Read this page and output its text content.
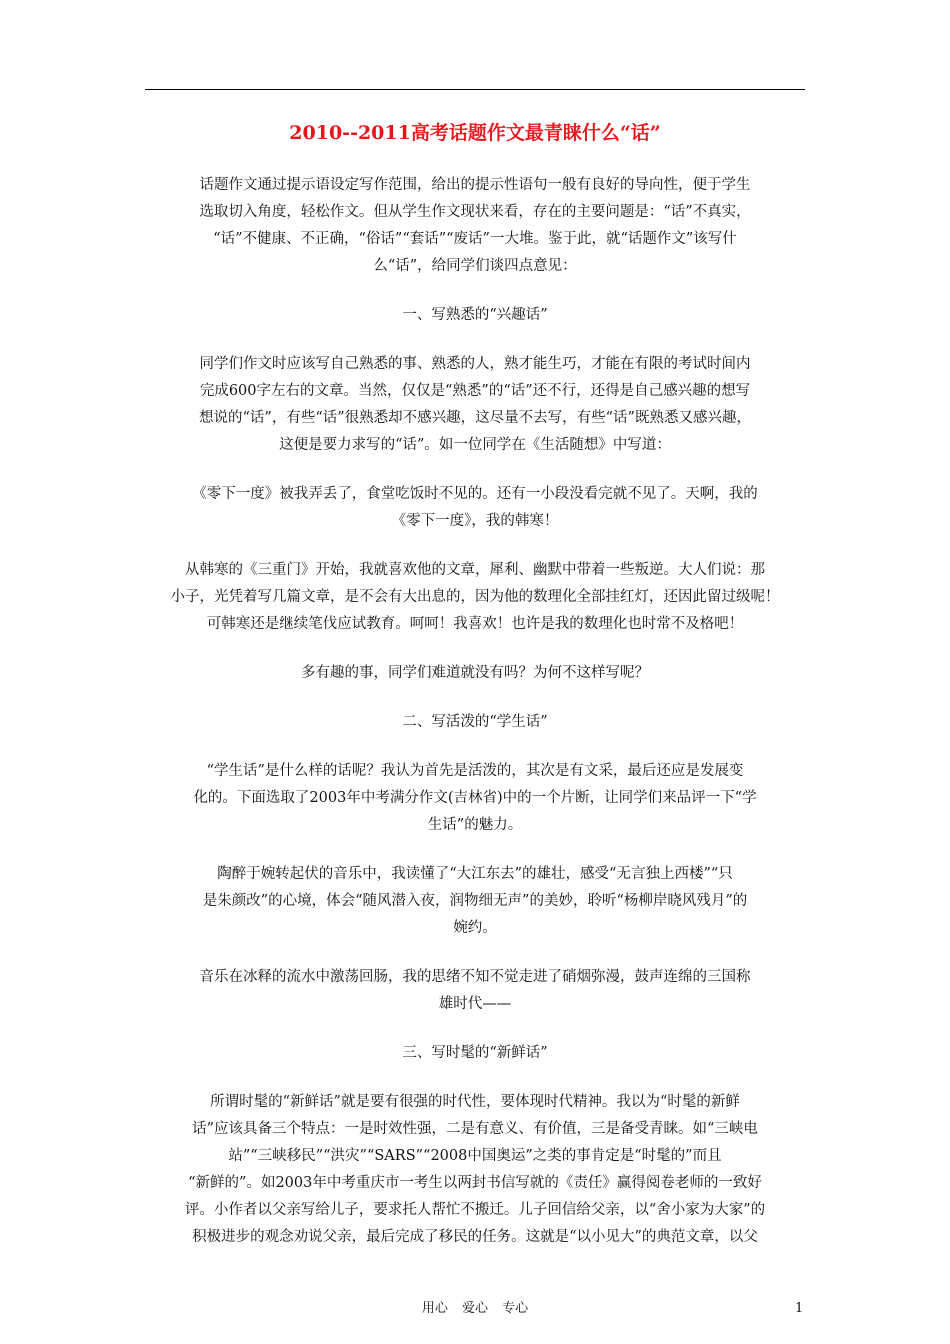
2010--2011高考话题作文最青睐什么“话”

话题作文通过提示语设定写作范围，给出的提示性语句一般有良好的导向性，便于学生
选取切入角度，轻松作文。但从学生作文现状来看，存在的主要问题是：“话”不真实，
“话”不健康、不正确，“俗话”“套话”“废话”一大堆。鉴于此，就“话题作文”该写什
么“话”，给同学们谈四点意见：

一、写熟悉的“兴趣话”

同学们作文时应该写自己熟悉的事、熟悉的人，熟才能生巧，才能在有限的考试时间内
完成600字左右的文章。当然，仅仅是“熟悉”的“话”还不行，还得是自己感兴趣的想写
想说的“话”，有些“话”很熟悉却不感兴趣，这尽量不去写，有些“话”既熟悉又感兴趣，
这便是要力求写的“话”。如一位同学在《生活随想》中写道：

《零下一度》被我弄丢了，食堂吃饭时不见的。还有一小段没看完就不见了。天啊，我的
《零下一度》，我的韩寒！

从韩寒的《三重门》开始，我就喜欢他的文章，犀利、幽默中带着一些叛逆。大人们说：那
小子，光凭着写几篇文章，是不会有大出息的，因为他的数理化全部挂红灯，还因此留过级呢！
可韩寒还是继续笔伐应试教育。呵呵！我喜欢！也许是我的数理化也时常不及格吧！

多有趣的事，同学们难道就没有吗？为何不这样写呢？

二、写活泼的“学生话”

“学生话”是什么样的话呢？我认为首先是活泼的，其次是有文采，最后还应是发展变
化的。下面选取了2003年中考满分作文(吉林省)中的一个片断，让同学们来品评一下“学
生话”的魅力。

陶醉于婉转起伏的音乐中，我读懂了“大江东去”的雄壮，感受“无言独上西楼”“只
是朱颜改”的心境，体会“随风潜入夜，润物细无声”的美妙，聆听“杨柳岸晓风残月”的
婉约。

音乐在冰释的流水中激荡回肠，我的思绪不知不觉走进了硝烟弥漫，鼓声连绵的三国称
雄时代——

三、写时髦的“新鲜话”

所谓时髦的“新鲜话”就是要有很强的时代性，要体现时代精神。我以为“时髦的新鲜
话”应该具备三个特点：一是时效性强，二是有意义、有价值，三是备受青睐。如“三峡电
站”“三峡移民”“洪灾”“SARS”“2008中国奥运”之类的事肯定是“时髦的”而且
“新鲜的”。如2003年中考重庆市一考生以两封书信写就的《责任》赢得阅卷老师的一致好
评。小作者以父亲写给儿子，要求托人帮忙不搬迁。儿子回信给父亲，以“舍小家为大家”的
积极进步的观念劝说父亲，最后完成了移民的任务。这就是“以小见大”的典范文章，以父

用心 爱心 专心	1
